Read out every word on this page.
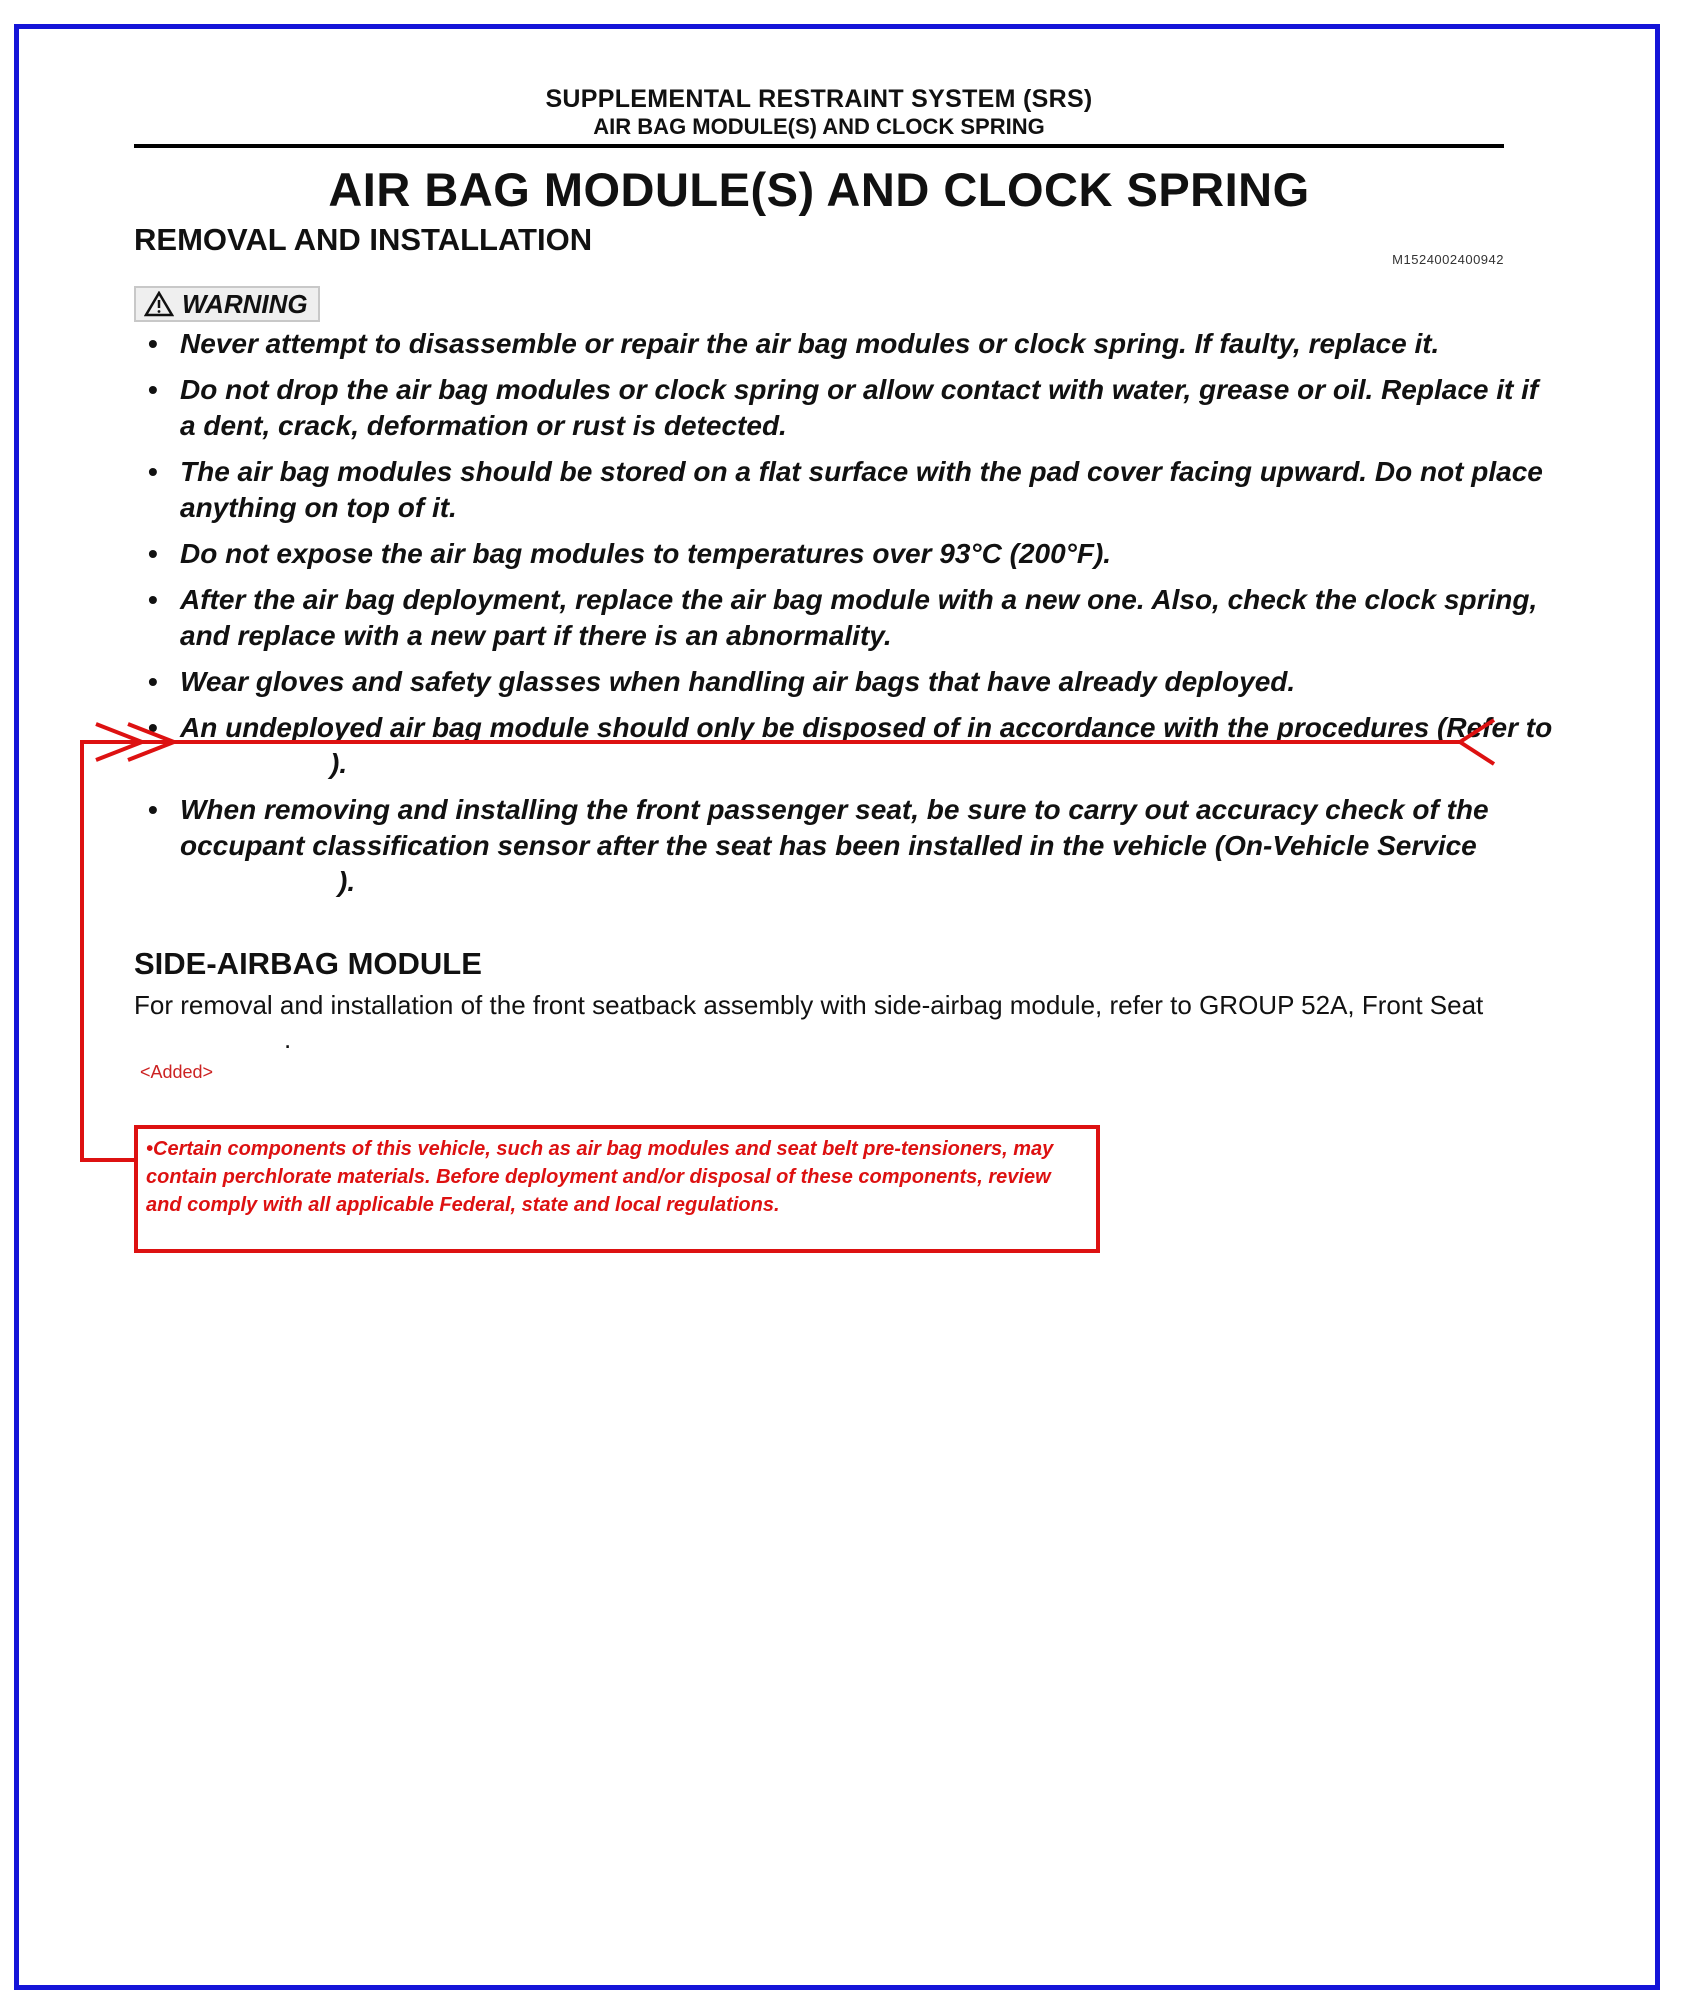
SUPPLEMENTAL RESTRAINT SYSTEM (SRS)
AIR BAG MODULE(S) AND CLOCK SPRING
AIR BAG MODULE(S) AND CLOCK SPRING
REMOVAL AND INSTALLATION
M1524002400942
WARNING
• Never attempt to disassemble or repair the air bag modules or clock spring. If faulty, replace it.
• Do not drop the air bag modules or clock spring or allow contact with water, grease or oil. Replace it if a dent, crack, deformation or rust is detected.
• The air bag modules should be stored on a flat surface with the pad cover facing upward. Do not place anything on top of it.
• Do not expose the air bag modules to temperatures over 93°C (200°F).
• After the air bag deployment, replace the air bag module with a new one. Also, check the clock spring, and replace with a new part if there is an abnormality.
• Wear gloves and safety glasses when handling air bags that have already deployed.
• An undeployed air bag module should only be disposed of in accordance with the procedures (Refer to).
• When removing and installing the front passenger seat, be sure to carry out accuracy check of the occupant classification sensor after the seat has been installed in the vehicle (On-Vehicle Service).
SIDE-AIRBAG MODULE
For removal and installation of the front seatback assembly with side-airbag module, refer to GROUP 52A, Front Seat.
<Added>
•Certain components of this vehicle, such as air bag modules and seat belt pre-tensioners, may contain perchlorate materials. Before deployment and/or disposal of these components, review and comply with all applicable Federal, state and local regulations.
